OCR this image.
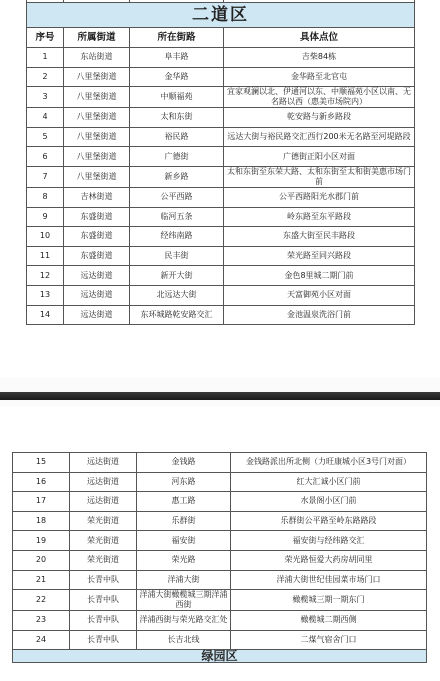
二道区			
序号	所属街道	所在街路	具体点位
1	东站街道	阜丰路	吉柴84栋
2	八里堡街道	金华路	金华路至北官屯
3	八里堡街道	中顺福苑	宜家观澜以北、伊通河以东、中顺福苑小区以南、无名路以西（惠美市场院内）
4	八里堡街道	太和东街	乾安路与新乡路段
5	八里堡街道	裕民路	远达大街与裕民路交汇西行200米无名路至河堤路段
6	八里堡街道	广德街	广德街正阳小区对面
7	八里堡街道	新乡路	太和东街至东荣大路、太和东街至太和街美惠市场门前
8	吉林街道	公平西路	公平西路阳光水郡门前
9	东盛街道	临河五条	岭东路至东平路段
10	东盛街道	经纬南路	东盛大街至民丰路段
11	东盛街道	民丰街	荣光路至同兴路段
12	远达街道	新开大街	金色8里城二期门前
13	远达街道	北远达大街	天富御苑小区对面
14	远达街道	东环城路乾安路交汇	金池温泉洗浴门前
15	远达街道	金钱路	金钱路派出所北侧（力旺康城小区3号门对面）
16	远达街道	河东路	红大汇诚小区门前
17	远达街道	惠工路	水景阁小区门前
18	荣光街道	乐群街	乐群街公平路至岭东路路段
19	荣光街道	福安街	福安街与经纬路交汇
20	荣光街道	荣光路	荣光路恒爱大药房胡同里
21	长青中队	洋浦大街	洋浦大街世纪佳园菜市场门口
22	长青中队	洋浦大街橄榄城三期洋浦西街	橄榄城三期一期东门
23	长青中队	洋浦西街与荣光路交汇处	橄榄城二期西侧
24	长青中队	长吉北线	二煤气宿舍门口
绿园区			
